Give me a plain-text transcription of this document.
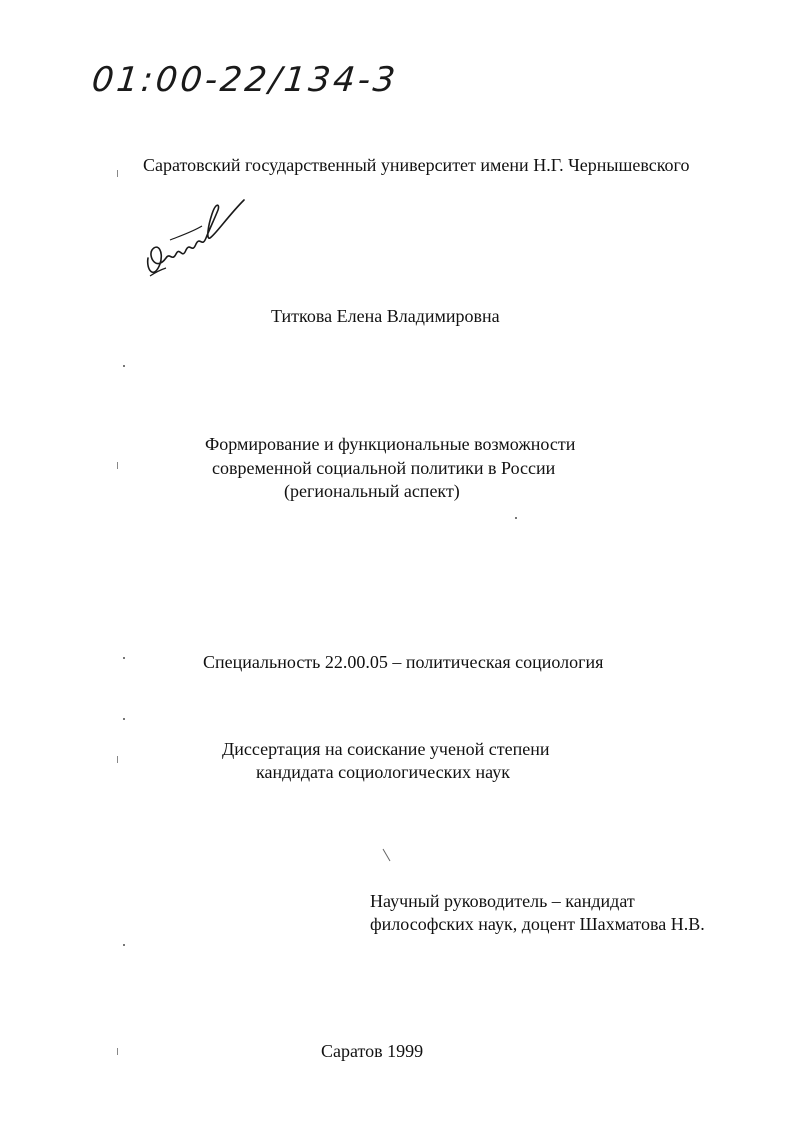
01:00-22/134-3
Саратовский государственный университет имени Н.Г. Чернышевского
Титкова Елена Владимировна
Формирование и функциональные возможности
современной социальной политики в России
(региональный аспект)
Специальность 22.00.05 – политическая социология
Диссертация на соискание ученой степени
кандидата социологических наук
Научный руководитель – кандидат
философских наук, доцент Шахматова Н.В.
Саратов 1999
